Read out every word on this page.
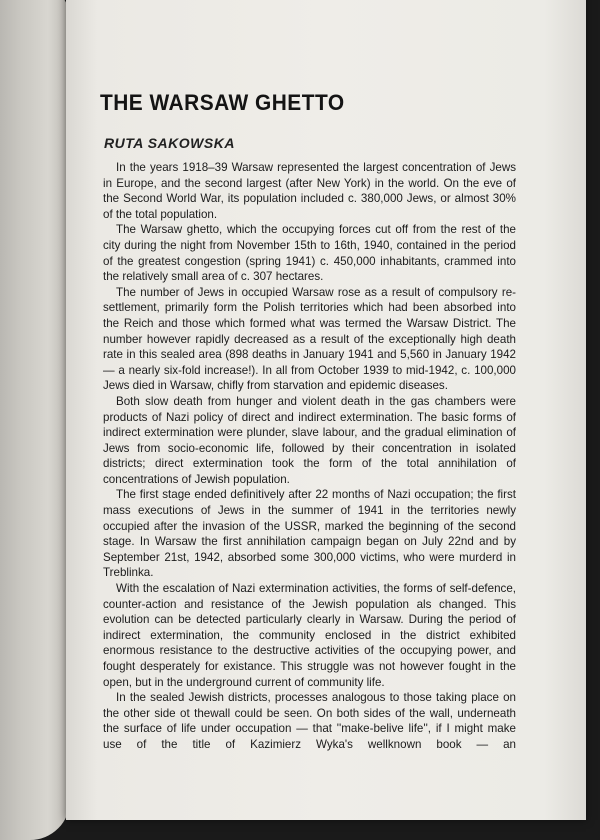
THE WARSAW GHETTO
RUTA SAKOWSKA

In the years 1918–39 Warsaw represented the largest concentration of Jews in Europe, and the second largest (after New York) in the world. On the eve of the Second World War, its population included c. 380,000 Jews, or almost 30% of the total population.

The Warsaw ghetto, which the occupying forces cut off from the rest of the city during the night from November 15th to 16th, 1940, contained in the period of the greatest congestion (spring 1941) c. 450,000 inhabitants, crammed into the relatively small area of c. 307 hectares.

The number of Jews in occupied Warsaw rose as a result of compulsory re-settlement, primarily form the Polish territories which had been absorbed into the Reich and those which formed what was termed the Warsaw District. The number however rapidly decreased as a result of the exceptionally high death rate in this sealed area (898 deaths in January 1941 and 5,560 in January 1942 — a nearly six-fold increase!). In all from October 1939 to mid-1942, c. 100,000 Jews died in Warsaw, chifly from starvation and epidemic diseases.

Both slow death from hunger and violent death in the gas chambers were products of Nazi policy of direct and indirect extermination. The basic forms of indirect extermination were plunder, slave labour, and the gradual elimination of Jews from socio-economic life, followed by their concentration in isolated districts; direct extermination took the form of the total annihilation of concentrations of Jewish population.

The first stage ended definitively after 22 months of Nazi occupation; the first mass executions of Jews in the summer of 1941 in the territories newly occupied after the invasion of the USSR, marked the beginning of the second stage. In Warsaw the first annihilation campaign began on July 22nd and by September 21st, 1942, absorbed some 300,000 victims, who were murderd in Treblinka.

With the escalation of Nazi extermination activities, the forms of self-defence, counter-action and resistance of the Jewish population als changed. This evolution can be detected particularly clearly in Warsaw. During the period of indirect extermination, the community enclosed in the district exhibited enormous resistance to the destructive activities of the occupying power, and fought desperately for existance. This struggle was not however fought in the open, but in the underground current of community life.

In the sealed Jewish districts, processes analogous to those taking place on the other side ot thewall could be seen. On both sides of the wall, underneath the surface of life under occupation — that ''make-belive life'', if I might make use of the title of Kazimierz Wyka's wellknown book — an
